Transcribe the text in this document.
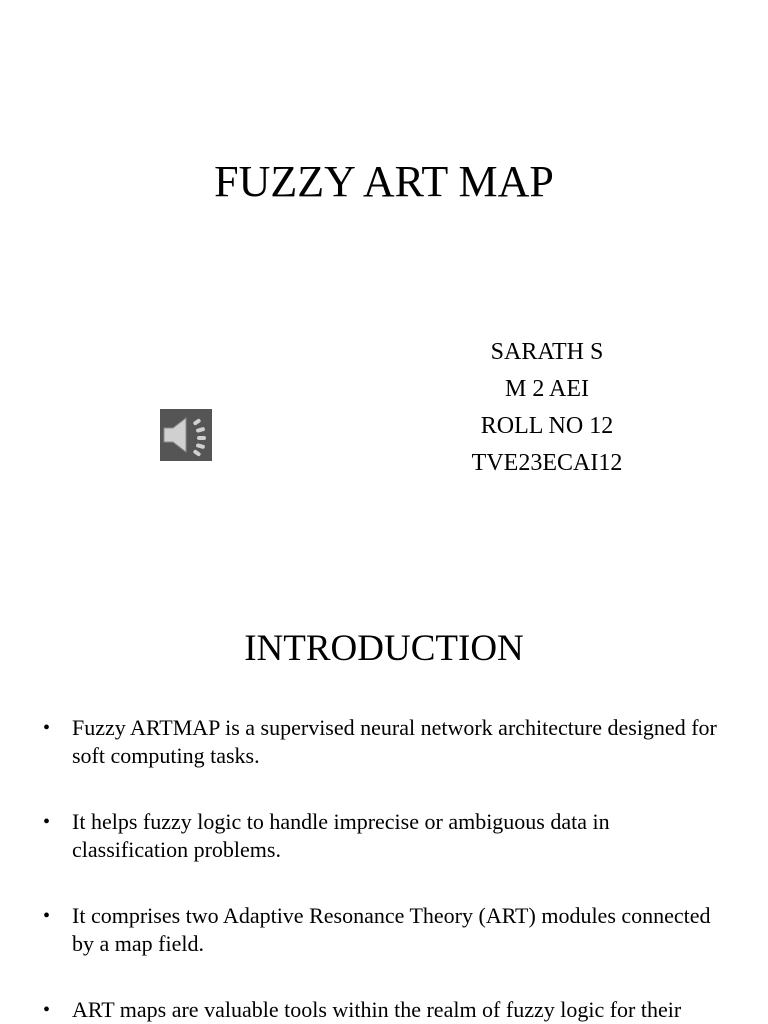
FUZZY ART MAP
SARATH S
M 2 AEI
ROLL NO 12
TVE23ECAI12
INTRODUCTION
• Fuzzy ARTMAP is a supervised neural network architecture designed for soft computing tasks.
• It helps fuzzy logic to handle imprecise or ambiguous data in classification problems.
• It comprises two Adaptive Resonance Theory (ART) modules connected by a map field.
• ART maps are valuable tools within the realm of fuzzy logic for their
